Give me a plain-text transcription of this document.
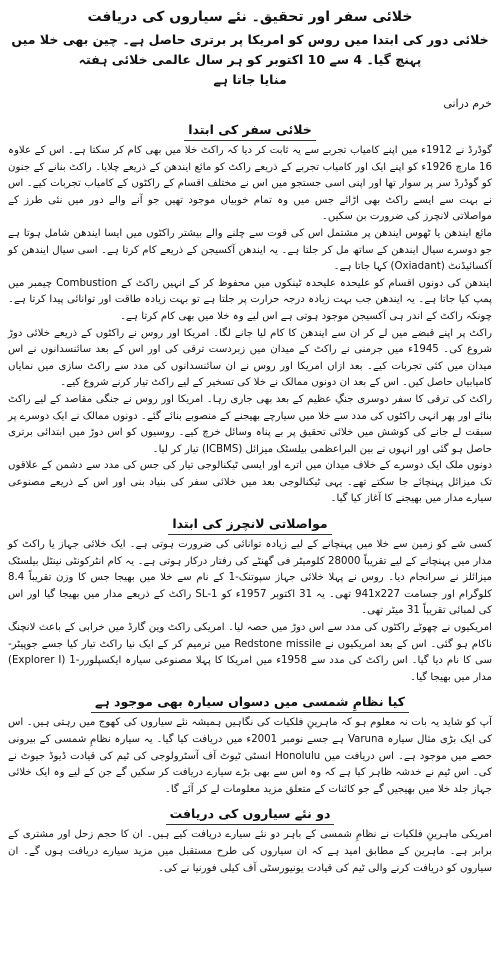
خلائی سفر اور تحقیق۔ نئے سیاروں کی دریافت
خلائی دور کی ابتدا میں روس کو امریکا پر برتری حاصل ہے۔ چین بھی خلا میں پہنچ گیا۔ 4 سے 10 اکتوبر کو ہر سال عالمی خلائی ہفتہ
منایا جاتا ہے
خرم درانی
خلائی سفر کی ابتدا

گوڈرڈ نے 1912ء میں اپنے کامیاب تجربے سے یہ ثابت کر دیا کہ راکٹ خلا میں بھی کام کر سکتا ہے۔ اس کے علاوہ 16 مارچ 1926ء کو اپنے ایک اور کامیاب تجربے کے ذریعے راکٹ کو مائع ایندھن کے ذریعے چلایا۔ راکٹ بنانے کے جنون کو گوڈرڈ سر پر سوار تھا اور اپنی اسی جستجو میں اس نے مختلف اقسام کے راکٹوں کے کامیاب تجربات کیے۔ اس نے بہت سے ایسے راکٹ بھی اڑائے جس میں وہ تمام خوبیاں موجود تھیں جو آنے والے دور میں نئی طرز کے مواصلاتی لانچرز کی ضرورت بن سکیں۔

مائع ایندھن یا ٹھوس ایندھن پر مشتمل اس کی قوت سے چلنے والے بیشتر راکٹوں میں ایسا ایندھن شامل ہوتا ہے جو دوسرے سیال ایندھن کے ساتھ مل کر جلتا ہے۔ یہ ایندھن آکسیجن کے ذریعے کام کرتا ہے۔ اسی سیال ایندھن کو آکسائیڈنٹ (Oxiadant) کہا جاتا ہے۔

ایندھن کی دونوں اقسام کو علیحدہ علیحدہ ٹینکوں میں محفوظ کر کے انہیں راکٹ کے Combustion چیمبر میں پمپ کیا جاتا ہے۔ یہ ایندھن جب بہت زیادہ درجہ حرارت پر جلتا ہے تو بہت زیادہ طاقت اور توانائی پیدا کرتا ہے۔ چونکہ راکٹ کے اندر ہی آکسیجن موجود ہوتی ہے اس لیے وہ خلا میں بھی کام کرتا ہے۔

راکٹ پر اپنے قبضے میں لے کر ان سے ایندھن کا کام لیا جانے لگا۔ امریکا اور روس نے راکٹوں کے ذریعے خلائی دوڑ شروع کی۔ 1945ء میں جرمنی نے راکٹ کے میدان میں زبردست ترقی کی اور اس کے بعد سائنسدانوں نے اس میدان میں کئی تجربات کیے۔ بعد ازاں امریکا اور روس نے ان سائنسدانوں کی مدد سے راکٹ سازی میں نمایاں کامیابیاں حاصل کیں۔ اس کے بعد ان دونوں ممالک نے خلا کی تسخیر کے لیے راکٹ تیار کرنے شروع کیے۔

راکٹ کی ترقی کا سفر دوسری جنگِ عظیم کے بعد بھی جاری رہا۔ امریکا اور روس نے جنگی مقاصد کے لیے راکٹ بنائے اور پھر انہی راکٹوں کی مدد سے خلا میں سیارچے بھیجنے کے منصوبے بنائے گئے۔ دونوں ممالک نے ایک دوسرے پر سبقت لے جانے کی کوشش میں خلائی تحقیق پر بے پناہ وسائل خرچ کیے۔ روسیوں کو اس دوڑ میں ابتدائی برتری حاصل ہو گئی اور انہوں نے بین البراعظمی بیلسٹک میزائل (ICBMS) تیار کر لیا۔

دونوں ملک ایک دوسرے کے خلاف میدان میں اترے اور ایسی ٹیکنالوجی تیار کی جس کی مدد سے دشمن کے علاقوں تک میزائل پہنچائے جا سکتے تھے۔ یہی ٹیکنالوجی بعد میں خلائی سفر کی بنیاد بنی اور اس کے ذریعے مصنوعی سیارے مدار میں بھیجنے کا آغاز کیا گیا۔

مواصلاتی لانچرز کی ابتدا

کسی شے کو زمین سے خلا میں پہنچانے کے لیے زیادہ توانائی کی ضرورت ہوتی ہے۔ ایک خلائی جہاز یا راکٹ کو مدار میں پہنچانے کے لیے تقریباً 28000 کلومیٹر فی گھنٹے کی رفتار درکار ہوتی ہے۔ یہ کام انٹرکونٹی نینٹل بیلسٹک میزائلز نے سرانجام دیا۔ روس نے پہلا خلائی جہاز سپوتنک-1 کے نام سے خلا میں بھیجا جس کا وزن تقریباً 8.4 کلوگرام اور جسامت 941x227 تھی۔ یہ 31 اکتوبر 1957ء کو SL-1 راکٹ کے ذریعے مدار میں بھیجا گیا اور اس کی لمبائی تقریباً 31 میٹر تھی۔

امریکیوں نے چھوٹے راکٹوں کی مدد سے اس دوڑ میں حصہ لیا۔ امریکی راکٹ وین گارڈ میں خرابی کے باعث لانچنگ ناکام ہو گئی۔ اس کے بعد امریکیوں نے Redstone missile میں ترمیم کر کے ایک نیا راکٹ تیار کیا جسے جوپیٹر-سی کا نام دیا گیا۔ اس راکٹ کی مدد سے 1958ء میں امریکا کا پہلا مصنوعی سیارہ ایکسپلورر-1 (Explorer I) مدار میں بھیجا گیا۔

کیا نظامِ شمسی میں دسواں سیارہ بھی موجود ہے

آپ کو شاید یہ بات نہ معلوم ہو کہ ماہرینِ فلکیات کی نگاہیں ہمیشہ نئے سیاروں کی کھوج میں رہتی ہیں۔ اس کی ایک بڑی مثال سیارہ Varuna ہے جسے نومبر 2001ء میں دریافت کیا گیا۔ یہ سیارہ نظامِ شمسی کے بیرونی حصے میں موجود ہے۔ اس دریافت میں Honolulu انسٹی ٹیوٹ آف آسٹرولوجی کی ٹیم کی قیادت ڈیوڈ جیوٹ نے کی۔ اس ٹیم نے خدشہ ظاہر کیا ہے کہ وہ اس سے بھی بڑے سیارے دریافت کر سکیں گے جن کے لیے وہ ایک خلائی جہاز جلد خلا میں بھیجیں گے جو کائنات کے متعلق مزید معلومات لے کر آئے گا۔

دو نئے سیاروں کی دریافت

امریکی ماہرینِ فلکیات نے نظامِ شمسی کے باہر دو نئے سیارے دریافت کیے ہیں۔ ان کا حجم زحل اور مشتری کے برابر ہے۔ ماہرین کے مطابق امید ہے کہ ان سیاروں کی طرح مستقبل میں مزید سیارے دریافت ہوں گے۔ ان سیاروں کو دریافت کرنے والی ٹیم کی قیادت یونیورسٹی آف کیلی فورنیا نے کی۔
